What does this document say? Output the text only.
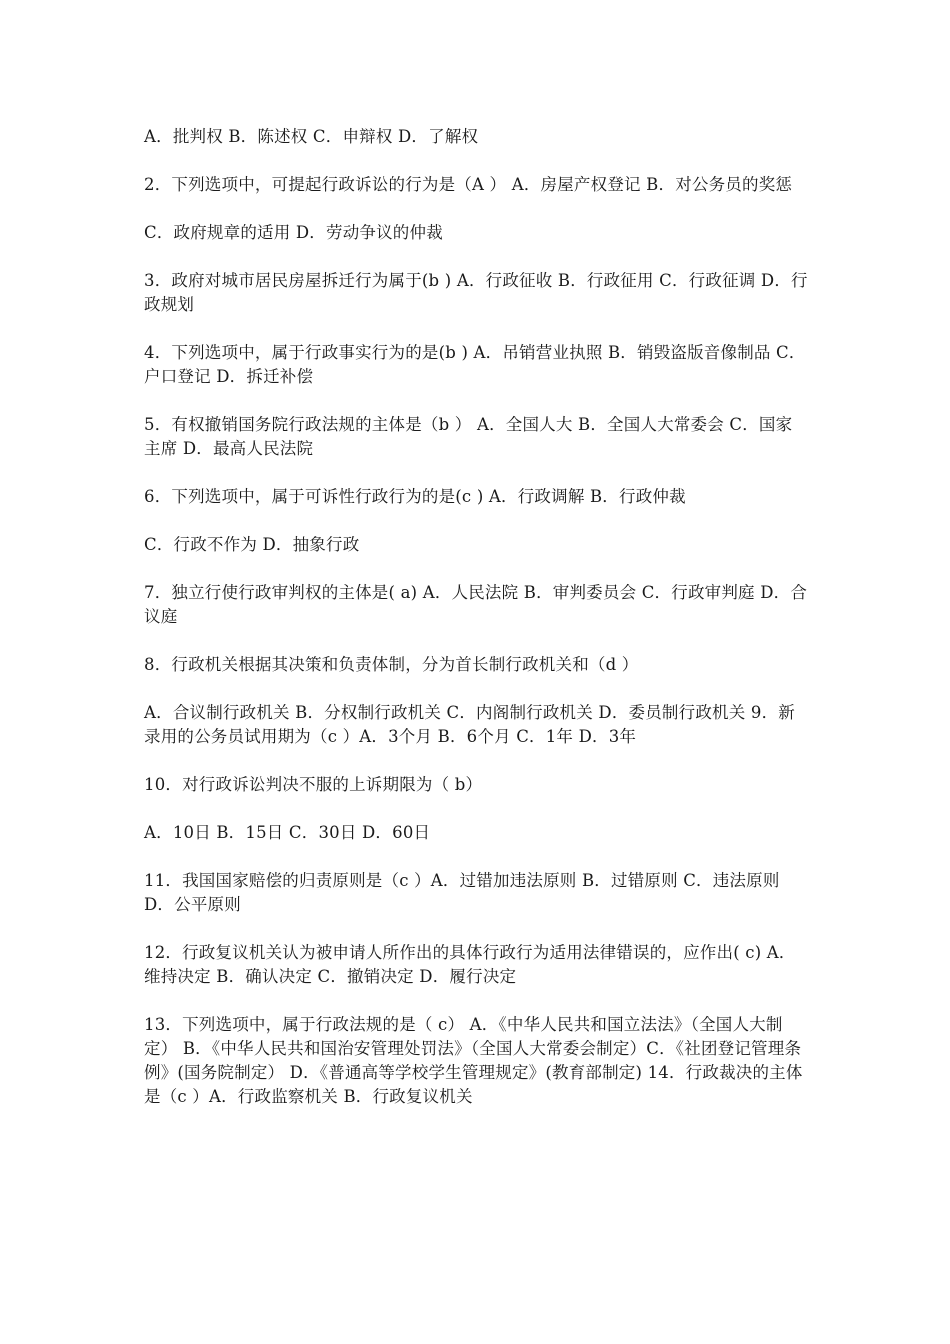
A．批判权 B．陈述权 C．申辩权 D．了解权

2．下列选项中，可提起行政诉讼的行为是（A ） A．房屋产权登记 B．对公务员的奖惩

C．政府规章的适用 D．劳动争议的仲裁

3．政府对城市居民房屋拆迁行为属于(b ) A．行政征收 B．行政征用 C．行政征调 D．行政规划

4．下列选项中，属于行政事实行为的是(b ) A．吊销营业执照 B．销毁盗版音像制品 C．户口登记 D．拆迁补偿

5．有权撤销国务院行政法规的主体是（b ） A．全国人大 B．全国人大常委会 C．国家主席 D．最高人民法院

6．下列选项中，属于可诉性行政行为的是(c ) A．行政调解 B．行政仲裁

C．行政不作为 D．抽象行政

7．独立行使行政审判权的主体是( a) A．人民法院 B．审判委员会 C．行政审判庭 D．合议庭

8．行政机关根据其决策和负责体制，分为首长制行政机关和（d ）

A．合议制行政机关 B．分权制行政机关 C．内阁制行政机关 D．委员制行政机关 9．新录用的公务员试用期为（c ）A．3个月 B．6个月 C．1年 D．3年

10．对行政诉讼判决不服的上诉期限为（ b）

A．10日 B．15日 C．30日 D．60日

11．我国国家赔偿的归责原则是（c ）A．过错加违法原则 B．过错原则 C．违法原则 D．公平原则

12．行政复议机关认为被申请人所作出的具体行政行为适用法律错误的，应作出( c) A．维持决定 B．确认决定 C．撤销决定 D．履行决定

13．下列选项中，属于行政法规的是（ c） A．《中华人民共和国立法法》（全国人大制定） B．《中华人民共和国治安管理处罚法》（全国人大常委会制定）C．《社团登记管理条例》(国务院制定） D．《普通高等学校学生管理规定》(教育部制定) 14．行政裁决的主体是（c ）A．行政监察机关 B．行政复议机关
